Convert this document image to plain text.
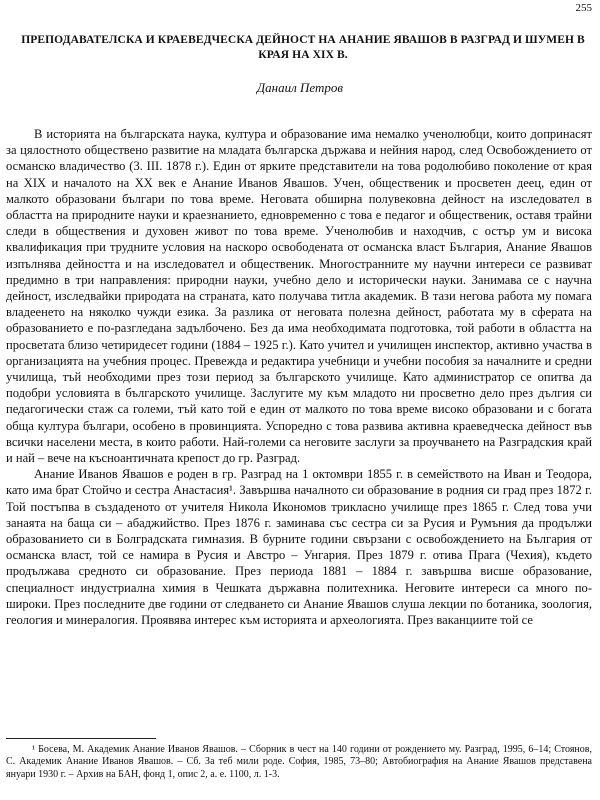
255
ПРЕПОДАВАТЕЛСКА И КРАЕВЕДЧЕСКА ДЕЙНОСТ НА АНАНИЕ ЯВАШОВ В РАЗГРАД И ШУМЕН В КРАЯ НА XIX В.
Данаил Петров

В историята на българската наука, култура и образование има немалко ученолюбци, които допринасят за цялостното обществено развитие на младата българска държава и нейния народ, след Освобождението от османско владичество (3. III. 1878 г.). Един от ярките представители на това родолюбиво поколение от края на XIX и началото на XX век е Анание Иванов Явашов. Учен, общественик и просветен деец, един от малкото образовани българи по това време. Неговата обширна полувековна дейност на изследовател в областта на природните науки и краезнанието, едновременно с това е педагог и общественик, оставя трайни следи в обществения и духовен живот по това време. Ученолюбив и находчив, с остър ум и висока квалификация при трудните условия на наскоро освободената от османска власт България, Анание Явашов изпълнява дейността и на изследовател и общественик. Многостранните му научни интереси се развиват предимно в три направления: природни науки, учебно дело и исторически науки. Занимава се с научна дейност, изследвайки природата на страната, като получава титла академик. В тази негова работа му помага владеенето на няколко чужди езика. За разлика от неговата полезна дейност, работата му в сферата на образованието е по-разгледана задълбочено. Без да има необходимата подготовка, той работи в областта на просветата близо четиридесет години (1884 – 1925 г.). Като учител и училищен инспектор, активно участва в организацията на учебния процес. Превежда и редактира учебници и учебни пособия за началните и средни училища, тъй необходими през този период за българското училище. Като администратор се опитва да подобри условията в българското училище. Заслугите му към младото ни просветно дело през дългия си педагогически стаж са големи, тъй като той е един от малкото по това време високо образовани и с богата обща култура българи, особено в провинцията. Успоредно с това развива активна краеведческа дейност във всички населени места, в които работи. Най-големи са неговите заслуги за проучването на Разградския край и най – вече на късноантичната крепост до гр. Разград.

Анание Иванов Явашов е роден в гр. Разград на 1 октомври 1855 г. в семейството на Иван и Теодора, като има брат Стойчо и сестра Анастасия¹. Завършва началното си образование в родния си град през 1872 г. Той постъпва в създаденото от учителя Никола Икономов трикласно училище през 1865 г. След това учи занаята на баща си – абаджийство. През 1876 г. заминава със сестра си за Русия и Румъния да продължи образованието си в Болградската гимназия. В бурните години свързани с освобождението на България от османска власт, той се намира в Русия и Австро – Унгария. През 1879 г. отива Прага (Чехия), където продължава средното си образование. През периода 1881 – 1884 г. завършва висше образование, специалност индустриална химия в Чешката държавна политехника. Неговите интереси са много по-широки. През последните две години от следването си Анание Явашов слуша лекции по ботаника, зоология, геология и минералогия. Проявява интерес към историята и археологията. През ваканциите той се

¹ Босева, М. Академик Анание Иванов Явашов. – Сборник в чест на 140 години от рождението му. Разград, 1995, 6–14; Стоянов, С. Академик Анание Иванов Явашов. – Сб. За теб мили роде. София, 1985, 73–80; Автобиография на Анание Явашов представена януари 1930 г. – Архив на БАН, фонд 1, опис 2, а. е. 1100, л. 1-3.
